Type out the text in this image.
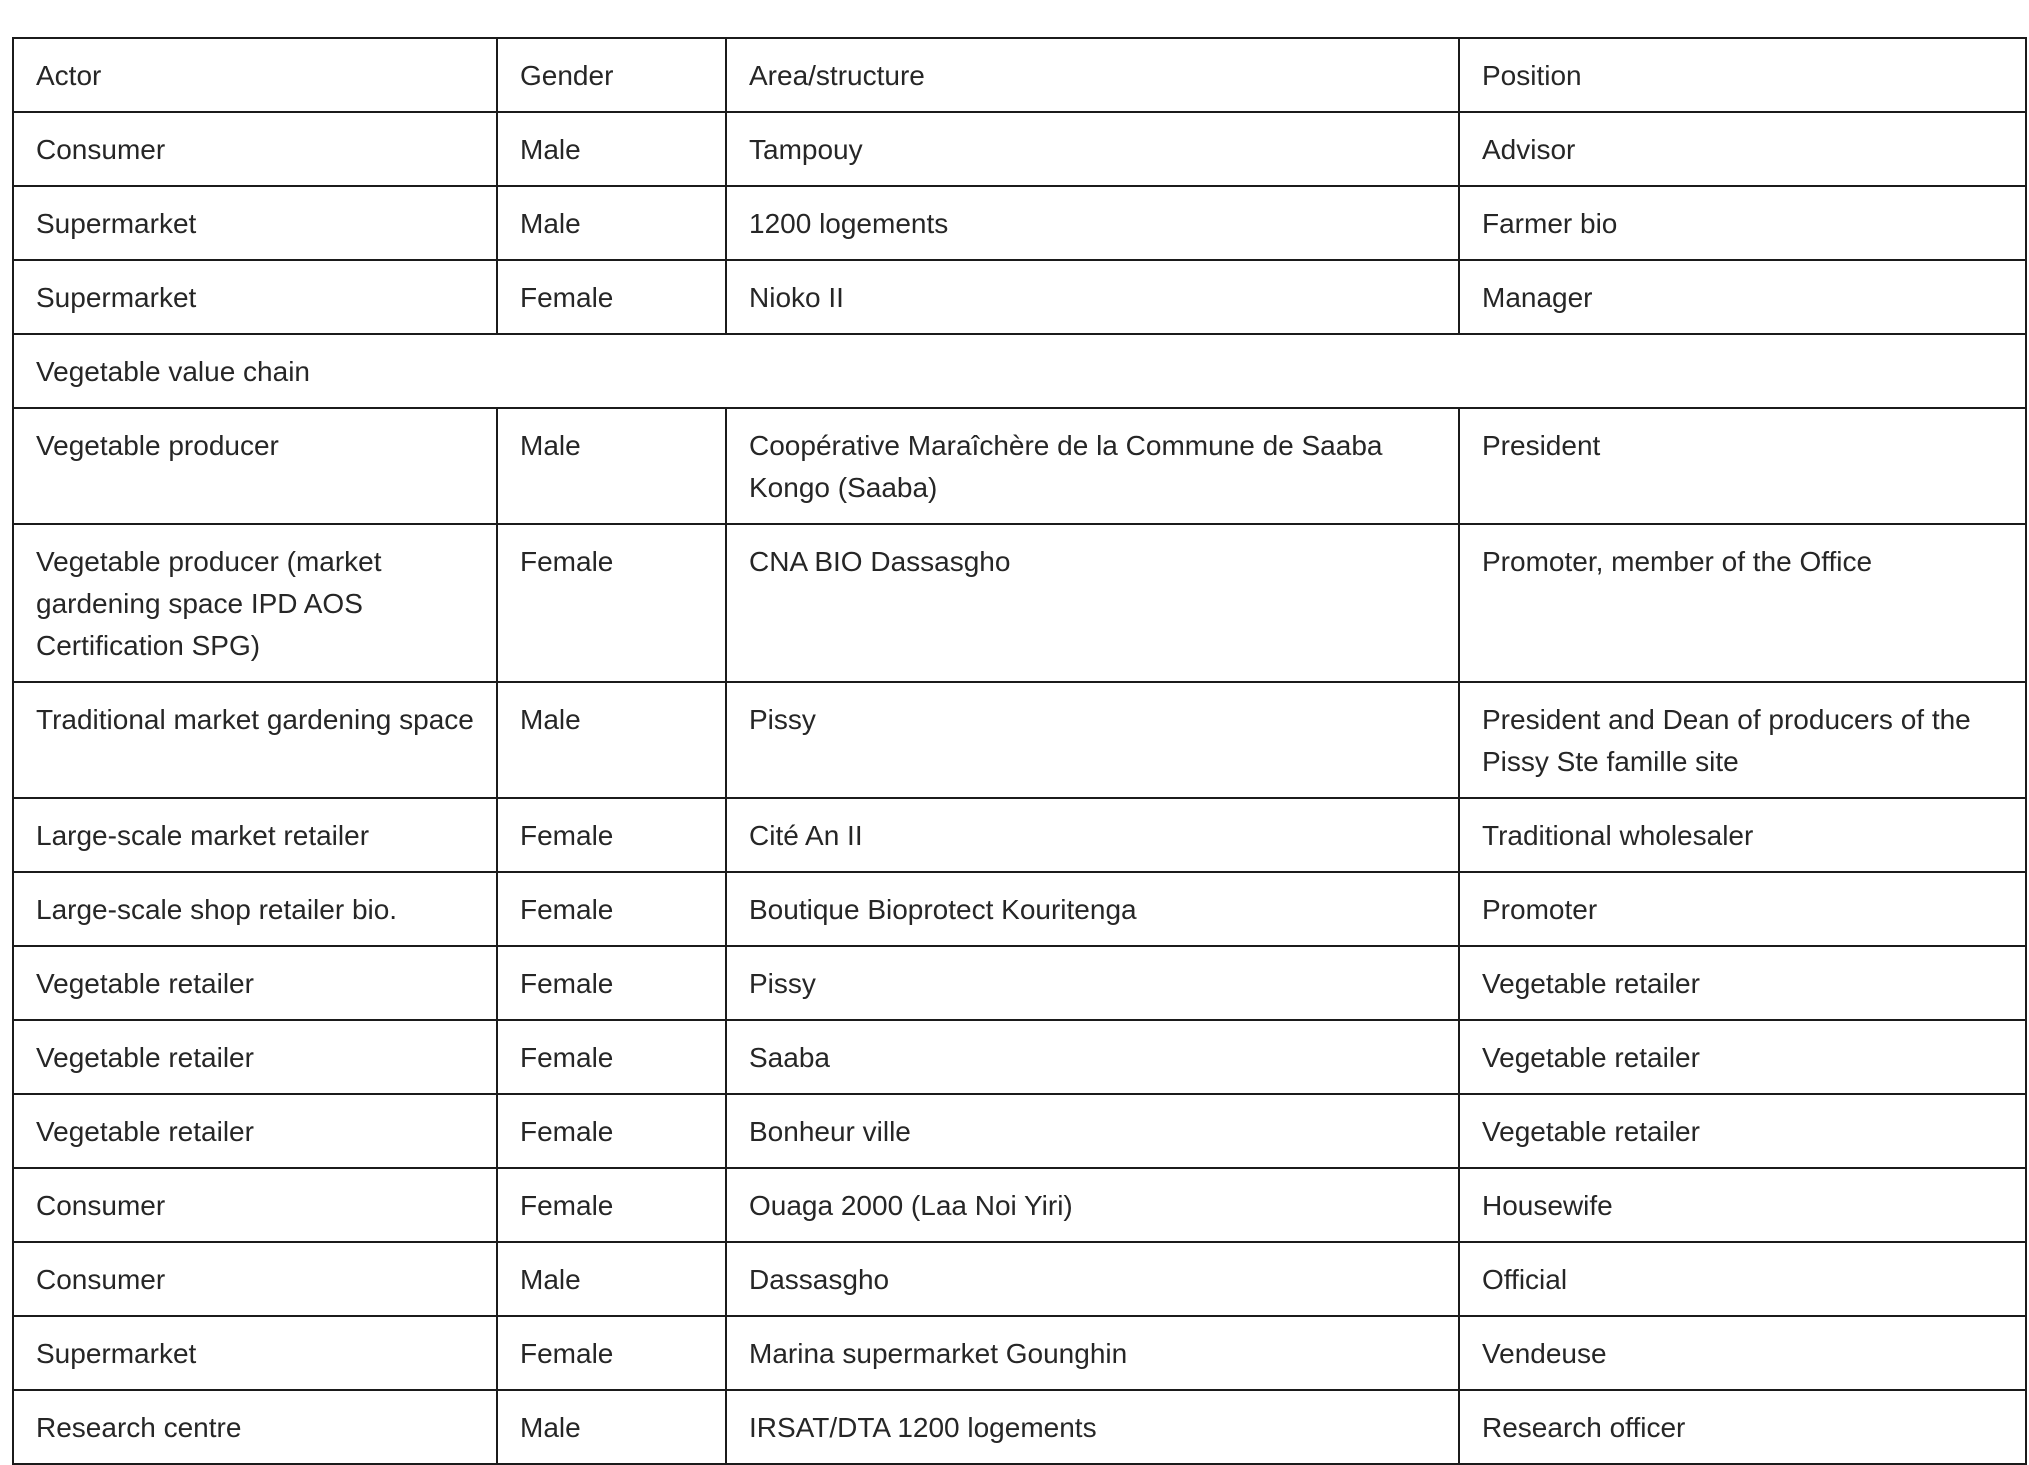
Actor	Gender	Area/structure	Position
Consumer	Male	Tampouy	Advisor
Supermarket	Male	1200 logements	Farmer bio
Supermarket	Female	Nioko II	Manager
Vegetable value chain			
Vegetable producer	Male	Coopérative Maraîchère de la Commune de Saaba Kongo (Saaba)	President
Vegetable producer (market gardening space IPD AOS Certification SPG)	Female	CNA BIO Dassasgho	Promoter, member of the Office
Traditional market gardening space	Male	Pissy	President and Dean of producers of the Pissy Ste famille site
Large-scale market retailer	Female	Cité An II	Traditional wholesaler
Large-scale shop retailer bio.	Female	Boutique Bioprotect Kouritenga	Promoter
Vegetable retailer	Female	Pissy	Vegetable retailer
Vegetable retailer	Female	Saaba	Vegetable retailer
Vegetable retailer	Female	Bonheur ville	Vegetable retailer
Consumer	Female	Ouaga 2000 (Laa Noi Yiri)	Housewife
Consumer	Male	Dassasgho	Official
Supermarket	Female	Marina supermarket Gounghin	Vendeuse
Research centre	Male	IRSAT/DTA 1200 logements	Research officer
